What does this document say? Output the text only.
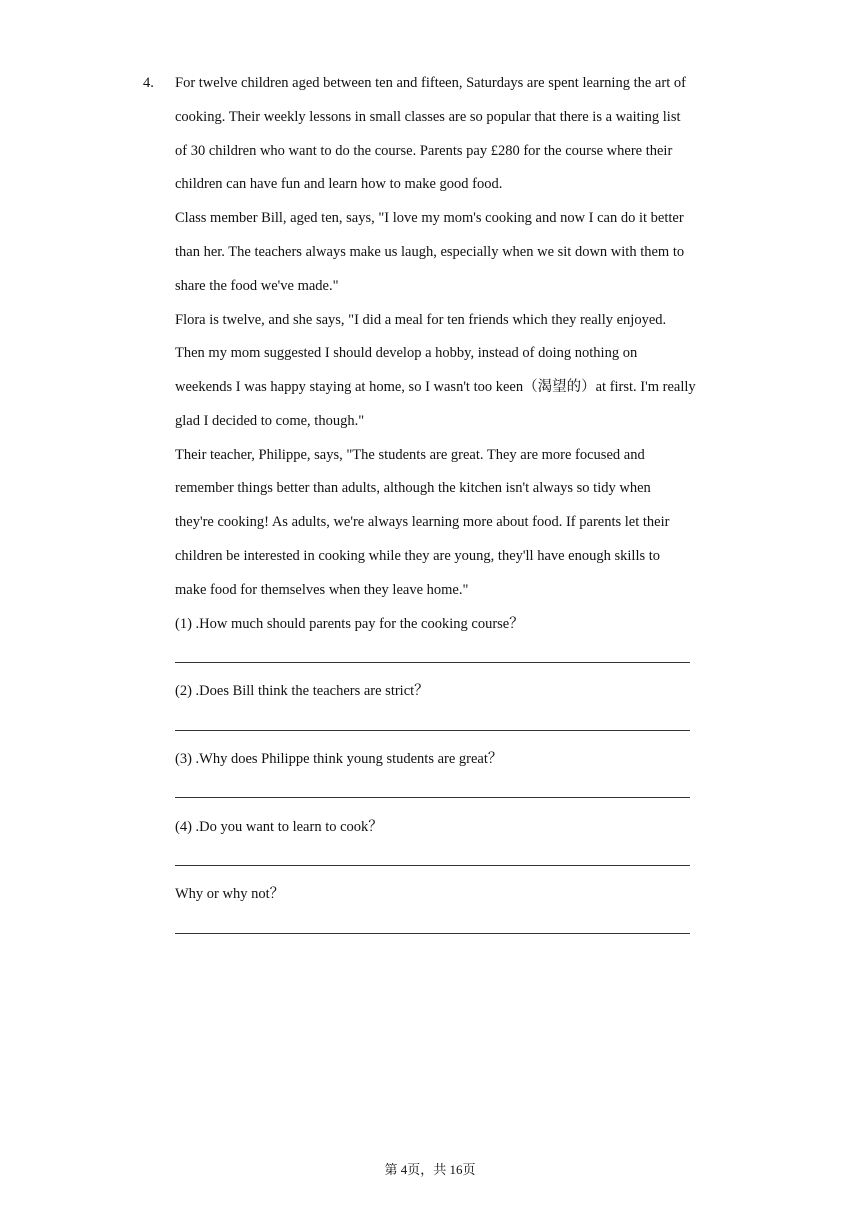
4. For twelve children aged between ten and fifteen, Saturdays are spent learning the art of
cooking. Their weekly lessons in small classes are so popular that there is a waiting list
of 30 children who want to do the course. Parents pay £280 for the course where their
children can have fun and learn how to make good food.
Class member Bill, aged ten, says, "I love my mom's cooking and now I can do it better
than her. The teachers always make us laugh, especially when we sit down with them to
share the food we've made."
Flora is twelve, and she says, "I did a meal for ten friends which they really enjoyed.
Then my mom suggested I should develop a hobby, instead of doing nothing on
weekends I was happy staying at home, so I wasn't too keen（渴望的）at first. I'm really
glad I decided to come, though."
Their teacher, Philippe, says, "The students are great. They are more focused and
remember things better than adults, although the kitchen isn't always so tidy when
they're cooking! As adults, we're always learning more about food. If parents let their
children be interested in cooking while they are young, they'll have enough skills to
make food for themselves when they leave home."
(1) .How much should parents pay for the cooking course？
(2) .Does Bill think the teachers are strict？
(3) .Why does Philippe think young students are great？
(4) .Do you want to learn to cook？
Why or why not？
第 4页，共 16页
